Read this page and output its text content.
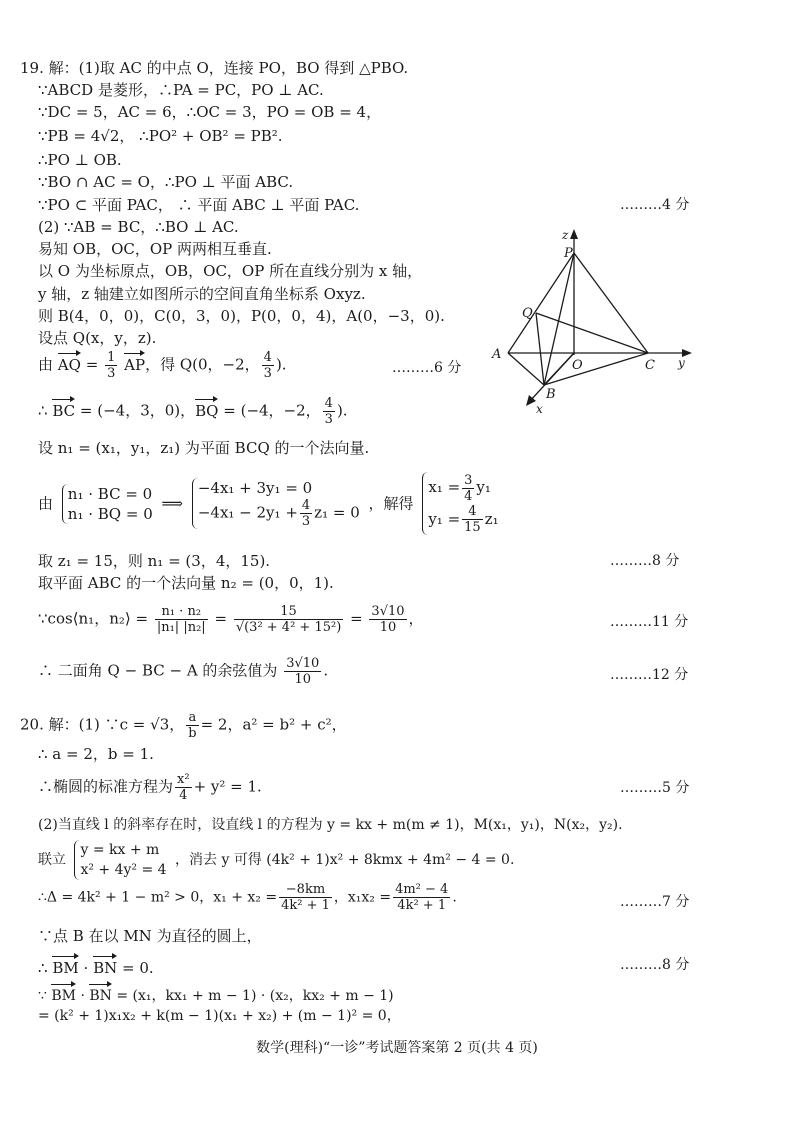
19. 解：(1)取 AC 的中点 O，连接 PO，BO 得到 △PBO.
∵ABCD 是菱形，∴PA = PC，PO ⊥ AC.
∵DC = 5，AC = 6，∴OC = 3，PO = OB = 4，
∵PB = 4√2， ∴PO² + OB² = PB².
∴PO ⊥ OB.
∵BO ∩ AC = O，∴PO ⊥ 平面 ABC.
∵PO ⊂ 平面 PAC， ∴ 平面 ABC ⊥ 平面 PAC.	………4 分
(2) ∵AB = BC，∴BO ⊥ AC.
易知 OB，OC，OP 两两相互垂直.
以 O 为坐标原点，OB，OC，OP 所在直线分别为 x 轴，
y 轴，z 轴建立如图所示的空间直角坐标系 Oxyz.
则 B(4，0，0)，C(0，3，0)，P(0，0，4)，A(0，−3，0).
设点 Q(x，y，z).
由 AQ = $\frac{1}{3}$ AP，得 Q(0，−2， $\frac{4}{3}$ ).	………6 分
∴ BC = (−4，3，0)，BQ = (−4，−2， $\frac{4}{3}$ ).
设 n₁ = (x₁，y₁，z₁) 为平面 BCQ 的一个法向量.
由
n₁ · BC = 0
n₁ · BQ = 0
⟹
−4x₁ + 3y₁ = 0
$-4x_1 - 2y_1 + \frac{4}{3} z_1 = 0$ ，解得
$x_1 = \frac{3}{4} y_1$
$y_1 = \frac{4}{15} z_1$
取 z₁ = 15，则 n₁ = (3，4，15).	………8 分
取平面 ABC 的一个法向量 n₂ = (0，0，1).
∵cos⟨n₁，n₂⟩ = $\frac{\text{n₁ · n₂}}{\text{|n₁| |n₂|}} = \frac{15}{\text{√(3² + 4² + 15²)}} = \frac{3√10}{10}$ ，	………11 分
∴ 二面角 Q − BC − A 的余弦值为 $\frac{3√10}{10}$ .	………12 分
z
P
Q
A
O	C y
B
x
20. 解：(1) ∵c = √3， $\frac{a}{b} = 2$，a² = b² + c²，
∴ a = 2，b = 1.
∴椭圆的标准方程为 $\frac{\text{x²}}{4} + y^2 = 1$.	………5 分
(2)当直线 l 的斜率存在时，设直线 l 的方程为 y = kx + m(m ≠ 1)，M(x₁，y₁)，N(x₂，y₂).
联立
y = kx + m
x² + 4y² = 4
，消去 y 可得 (4k² + 1)x² + 8kmx + 4m² − 4 = 0.
∴Δ = 4k² + 1 − m² > 0，$x_1 + x_2 = \frac{-8km}{\text{4k² + 1}}$ ，$x_1x_2 = \frac{\text{4m² − 4}}{\text{4k² + 1}}$ .	………7 分
∵点 B 在以 MN 为直径的圆上，
∴ BM · BN = 0.	………8 分
∵ BM · BN = (x₁，kx₁ + m − 1) · (x₂，kx₂ + m − 1)
= (k² + 1)x₁x₂ + k(m − 1)(x₁ + x₂) + (m − 1)² = 0，
数学(理科)“一诊”考试题答案第 2 页(共 4 页)
